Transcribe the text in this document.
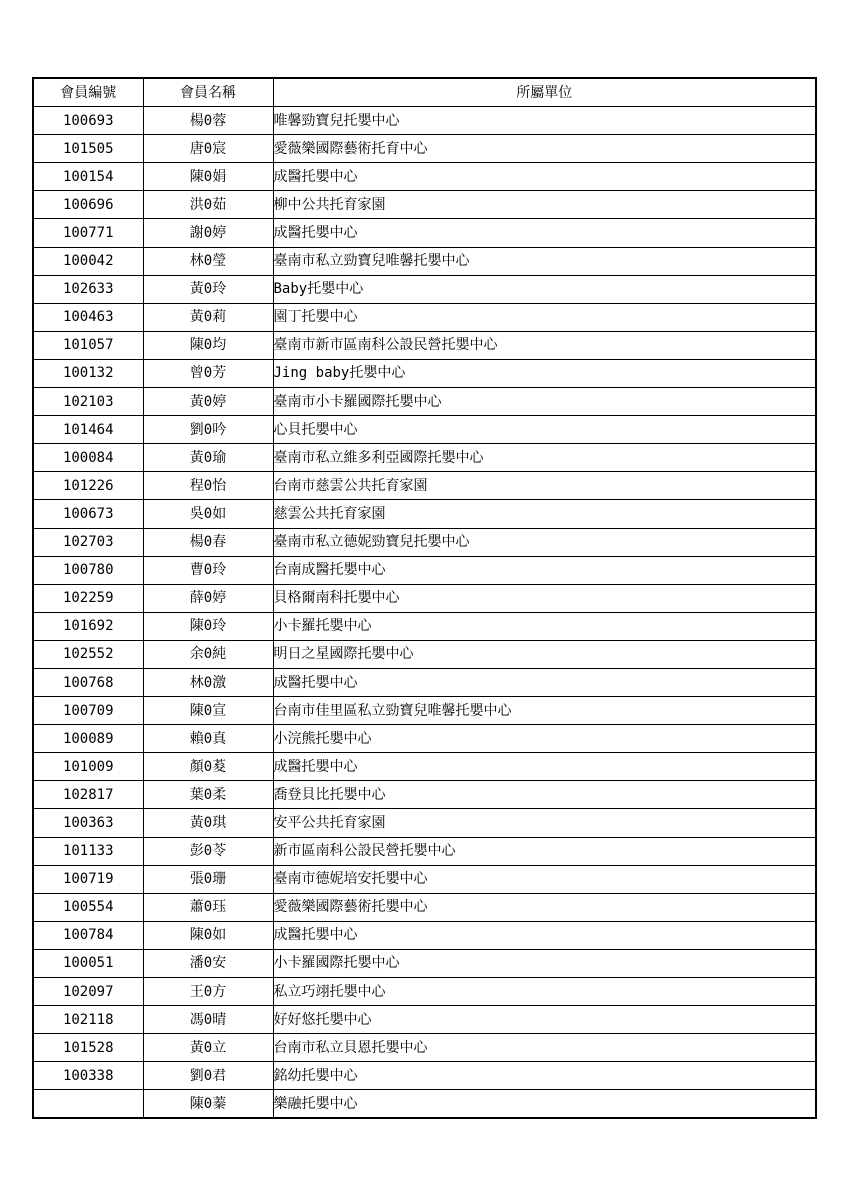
會員編號	會員名稱	所屬單位
100693	楊0蓉	唯馨勁寶兒托嬰中心
101505	唐0宸	愛薇樂國際藝術托育中心
100154	陳0娟	成醫托嬰中心
100696	洪0茹	柳中公共托育家園
100771	謝0婷	成醫托嬰中心
100042	林0瑩	臺南市私立勁寶兒唯馨托嬰中心
102633	黃0玲	Baby托嬰中心
100463	黃0莉	園丁托嬰中心
101057	陳0均	臺南市新市區南科公設民營托嬰中心
100132	曾0芳	Jing baby托嬰中心
102103	黃0婷	臺南市小卡羅國際托嬰中心
101464	劉0吟	心貝托嬰中心
100084	黃0瑜	臺南市私立維多利亞國際托嬰中心
101226	程0怡	台南市慈雲公共托育家園
100673	吳0如	慈雲公共托育家園
102703	楊0春	臺南市私立德妮勁寶兒托嬰中心
100780	曹0玲	台南成醫托嬰中心
102259	薛0婷	貝格爾南科托嬰中心
101692	陳0玲	小卡羅托嬰中心
102552	余0純	明日之星國際托嬰中心
100768	林0激	成醫托嬰中心
100709	陳0宣	台南市佳里區私立勁寶兒唯馨托嬰中心
100089	賴0真	小浣熊托嬰中心
101009	顏0荾	成醫托嬰中心
102817	葉0柔	喬登貝比托嬰中心
100363	黃0琪	安平公共托育家園
101133	彭0苓	新市區南科公設民營托嬰中心
100719	張0珊	臺南市德妮培安托嬰中心
100554	蕭0珏	愛薇樂國際藝術托嬰中心
100784	陳0如	成醫托嬰中心
100051	潘0安	小卡羅國際托嬰中心
102097	王0方	私立巧翊托嬰中心
102118	馮0晴	好好悠托嬰中心
101528	黃0立	台南市私立貝恩托嬰中心
100338	劉0君	銘幼托嬰中心
	陳0蓁	樂融托嬰中心
